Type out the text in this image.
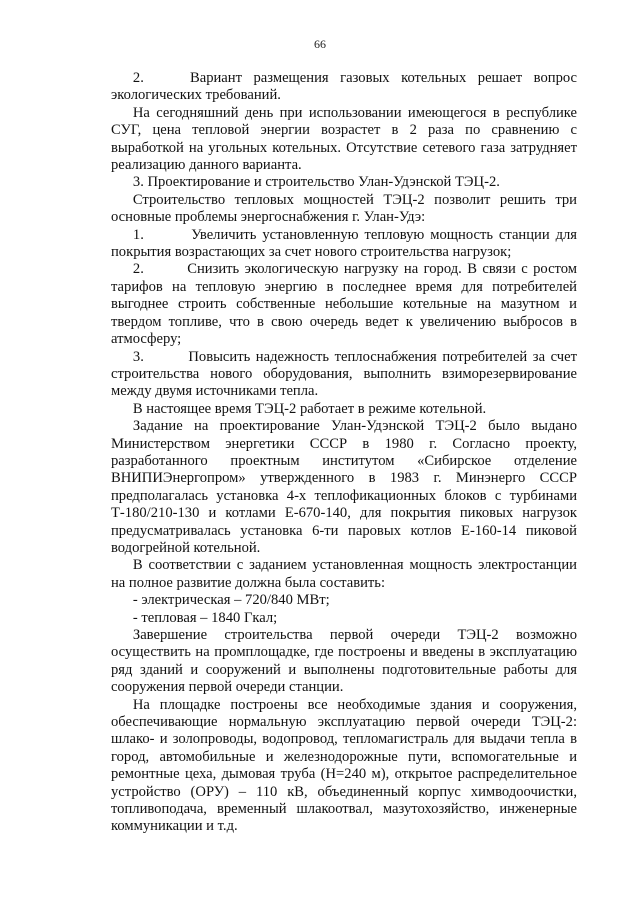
66

2.    Вариант размещения газовых котельных решает вопрос экологических требований.

На сегодняшний день при использовании имеющегося в республике СУГ, цена тепловой энергии возрастет в 2 раза по сравнению с выработкой на угольных котельных. Отсутствие сетевого газа затрудняет реализацию данного варианта.

3. Проектирование и строительство Улан-Удэнской ТЭЦ-2.

Строительство тепловых мощностей ТЭЦ-2 позволит решить три основные проблемы энергоснабжения г. Улан-Удэ:

1.	Увеличить установленную тепловую мощность станции для покрытия возрастающих за счет нового строительства нагрузок;

2.	Снизить экологическую нагрузку на город. В связи с ростом тарифов на тепловую энергию в последнее время для потребителей выгоднее строить собственные небольшие котельные на мазутном и твердом топливе, что в свою очередь ведет к увеличению выбросов в атмосферу;

3.	Повысить надежность теплоснабжения потребителей за счет строительства нового оборудования, выполнить взиморезервирование между двумя источниками тепла.

В настоящее время ТЭЦ-2 работает в режиме котельной.

Задание на проектирование Улан-Удэнской ТЭЦ-2 было выдано Министерством энергетики СССР в 1980 г. Согласно проекту, разработанного проектным институтом «Сибирское отделение ВНИПИЭнергопром» утвержденного в 1983 г. Минэнерго СССР предполагалась установка 4-х теплофикационных блоков с турбинами Т-180/210-130 и котлами Е-670-140, для покрытия пиковых нагрузок предусматривалась установка 6-ти паровых котлов Е-160-14 пиковой водогрейной котельной.

В соответствии с заданием установленная мощность электростанции на полное развитие должна была составить:

- электрическая – 720/840 МВт;

- тепловая – 1840 Гкал;

Завершение строительства первой очереди ТЭЦ-2 возможно осуществить на промплощадке, где построены и введены в эксплуатацию ряд зданий и сооружений и выполнены подготовительные работы для сооружения первой очереди станции.

На площадке построены все необходимые здания и сооружения, обеспечивающие нормальную эксплуатацию первой очереди ТЭЦ-2: шлако- и золопроводы, водопровод, тепломагистраль для выдачи тепла в город, автомобильные и железнодорожные пути, вспомогательные и ремонтные цеха, дымовая труба (Н=240 м), открытое распределительное устройство (ОРУ) – 110 кВ, объединенный корпус химводоочистки, топливоподача, временный шлакоотвал, мазутохозяйство, инженерные коммуникации и т.д.
